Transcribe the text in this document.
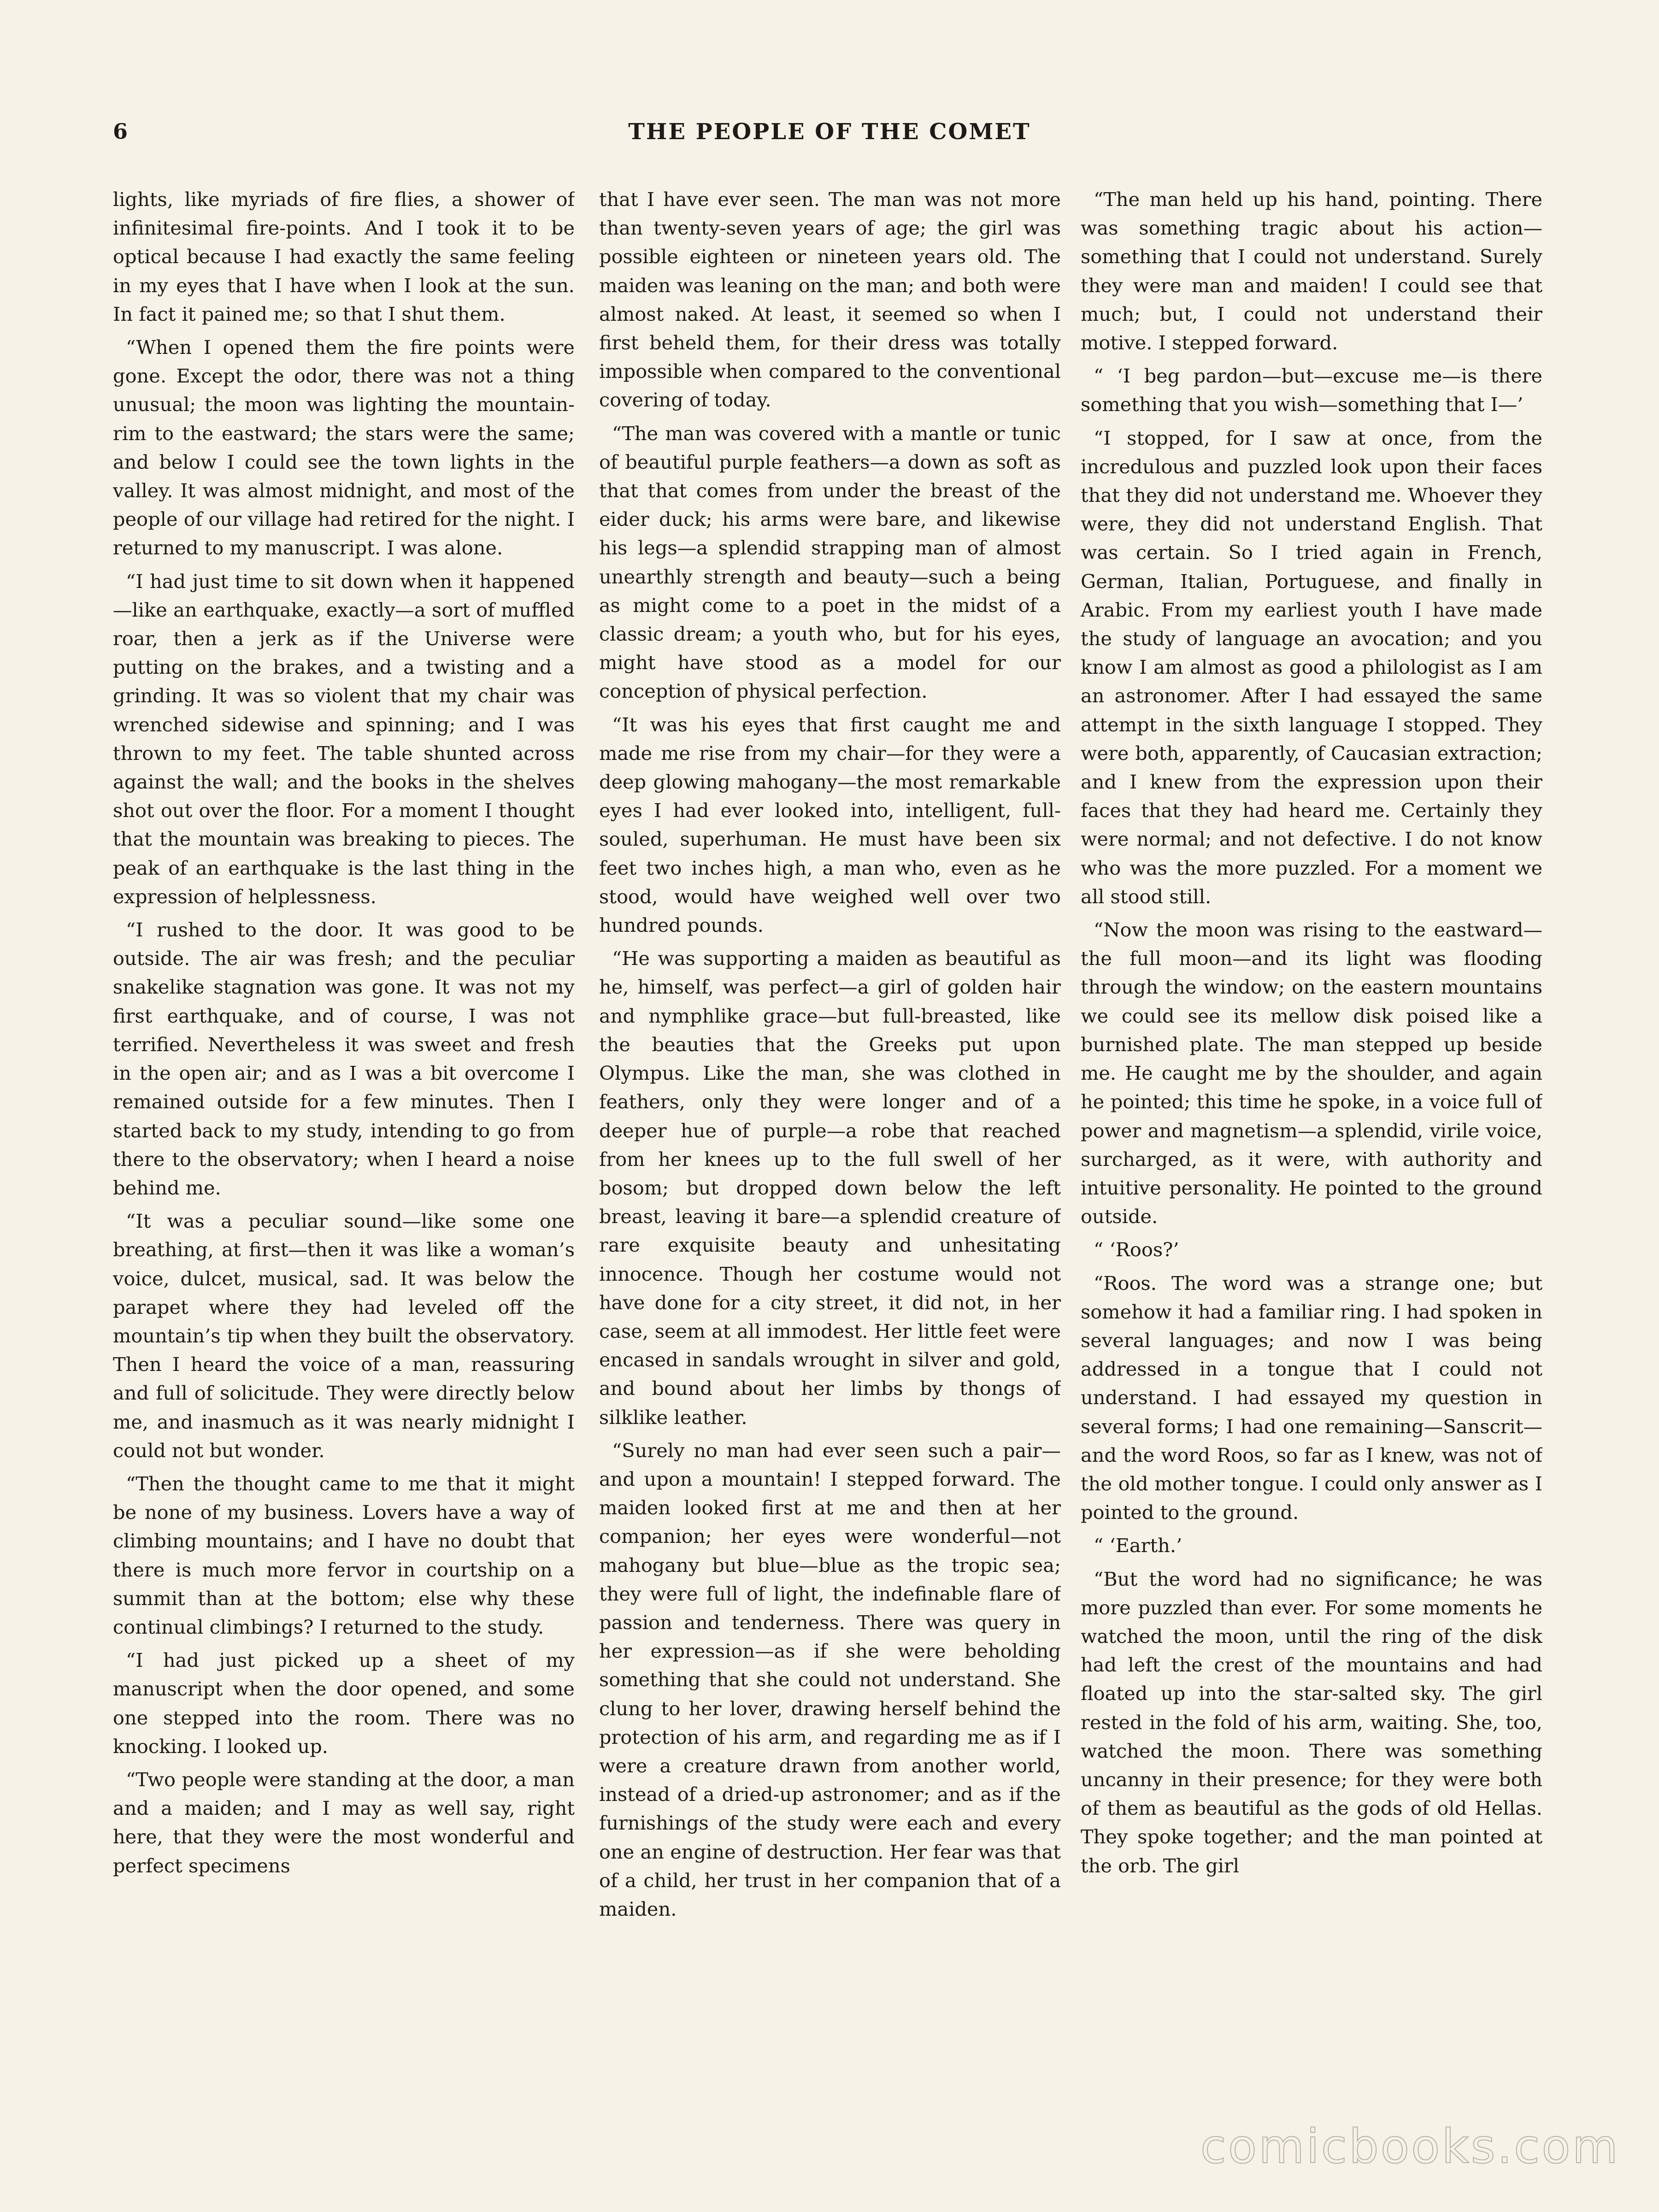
6	THE PEOPLE OF THE COMET

lights, like myriads of fire flies, a shower of infinitesimal fire-points. And I took it to be optical because I had exactly the same feeling in my eyes that I have when I look at the sun. In fact it pained me; so that I shut them.

“When I opened them the fire points were gone. Except the odor, there was not a thing unusual; the moon was lighting the mountain-rim to the eastward; the stars were the same; and below I could see the town lights in the valley. It was almost midnight, and most of the people of our village had retired for the night. I returned to my manuscript. I was alone.

“I had just time to sit down when it happened—like an earthquake, exactly—a sort of muffled roar, then a jerk as if the Universe were putting on the brakes, and a twisting and a grinding. It was so violent that my chair was wrenched sidewise and spinning; and I was thrown to my feet. The table shunted across against the wall; and the books in the shelves shot out over the floor. For a moment I thought that the mountain was breaking to pieces. The peak of an earthquake is the last thing in the expression of helplessness.

“I rushed to the door. It was good to be outside. The air was fresh; and the peculiar snakelike stagnation was gone. It was not my first earthquake, and of course, I was not terrified. Nevertheless it was sweet and fresh in the open air; and as I was a bit overcome I remained outside for a few minutes. Then I started back to my study, intending to go from there to the observatory; when I heard a noise behind me.

“It was a peculiar sound—like some one breathing, at first—then it was like a woman’s voice, dulcet, musical, sad. It was below the parapet where they had leveled off the mountain’s tip when they built the observatory. Then I heard the voice of a man, reassuring and full of solicitude. They were directly below me, and inasmuch as it was nearly midnight I could not but wonder.

“Then the thought came to me that it might be none of my business. Lovers have a way of climbing mountains; and I have no doubt that there is much more fervor in courtship on a summit than at the bottom; else why these continual climbings? I returned to the study.

“I had just picked up a sheet of my manuscript when the door opened, and some one stepped into the room. There was no knocking. I looked up.

“Two people were standing at the door, a man and a maiden; and I may as well say, right here, that they were the most wonderful and perfect specimens

that I have ever seen. The man was not more than twenty-seven years of age; the girl was possible eighteen or nineteen years old. The maiden was leaning on the man; and both were almost naked. At least, it seemed so when I first beheld them, for their dress was totally impossible when compared to the conventional covering of today.

“The man was covered with a mantle or tunic of beautiful purple feathers—a down as soft as that that comes from under the breast of the eider duck; his arms were bare, and likewise his legs—a splendid strapping man of almost unearthly strength and beauty—such a being as might come to a poet in the midst of a classic dream; a youth who, but for his eyes, might have stood as a model for our conception of physical perfection.

“It was his eyes that first caught me and made me rise from my chair—for they were a deep glowing mahogany—the most remarkable eyes I had ever looked into, intelligent, full-souled, superhuman. He must have been six feet two inches high, a man who, even as he stood, would have weighed well over two hundred pounds.

“He was supporting a maiden as beautiful as he, himself, was perfect—a girl of golden hair and nymphlike grace—but full-breasted, like the beauties that the Greeks put upon Olympus. Like the man, she was clothed in feathers, only they were longer and of a deeper hue of purple—a robe that reached from her knees up to the full swell of her bosom; but dropped down below the left breast, leaving it bare—a splendid creature of rare exquisite beauty and unhesitating innocence. Though her costume would not have done for a city street, it did not, in her case, seem at all immodest. Her little feet were encased in sandals wrought in silver and gold, and bound about her limbs by thongs of silklike leather.

“Surely no man had ever seen such a pair—and upon a mountain! I stepped forward. The maiden looked first at me and then at her companion; her eyes were wonderful—not mahogany but blue—blue as the tropic sea; they were full of light, the indefinable flare of passion and tenderness. There was query in her expression—as if she were beholding something that she could not understand. She clung to her lover, drawing herself behind the protection of his arm, and regarding me as if I were a creature drawn from another world, instead of a dried-up astronomer; and as if the furnishings of the study were each and every one an engine of destruction. Her fear was that of a child, her trust in her companion that of a maiden.

“The man held up his hand, pointing. There was something tragic about his action—something that I could not understand. Surely they were man and maiden! I could see that much; but, I could not understand their motive. I stepped forward.

“ ‘I beg pardon—but—excuse me—is there something that you wish—something that I—’

“I stopped, for I saw at once, from the incredulous and puzzled look upon their faces that they did not understand me. Whoever they were, they did not understand English. That was certain. So I tried again in French, German, Italian, Portuguese, and finally in Arabic. From my earliest youth I have made the study of language an avocation; and you know I am almost as good a philologist as I am an astronomer. After I had essayed the same attempt in the sixth language I stopped. They were both, apparently, of Caucasian extraction; and I knew from the expression upon their faces that they had heard me. Certainly they were normal; and not defective. I do not know who was the more puzzled. For a moment we all stood still.

“Now the moon was rising to the eastward—the full moon—and its light was flooding through the window; on the eastern mountains we could see its mellow disk poised like a burnished plate. The man stepped up beside me. He caught me by the shoulder, and again he pointed; this time he spoke, in a voice full of power and magnetism—a splendid, virile voice, surcharged, as it were, with authority and intuitive personality. He pointed to the ground outside.

“ ‘Roos?’

“Roos. The word was a strange one; but somehow it had a familiar ring. I had spoken in several languages; and now I was being addressed in a tongue that I could not understand. I had essayed my question in several forms; I had one remaining—Sanscrit—and the word Roos, so far as I knew, was not of the old mother tongue. I could only answer as I pointed to the ground.

“ ‘Earth.’

“But the word had no significance; he was more puzzled than ever. For some moments he watched the moon, until the ring of the disk had left the crest of the mountains and had floated up into the star-salted sky. The girl rested in the fold of his arm, waiting. She, too, watched the moon. There was something uncanny in their presence; for they were both of them as beautiful as the gods of old Hellas. They spoke together; and the man pointed at the orb. The girl

comicbooks.com
